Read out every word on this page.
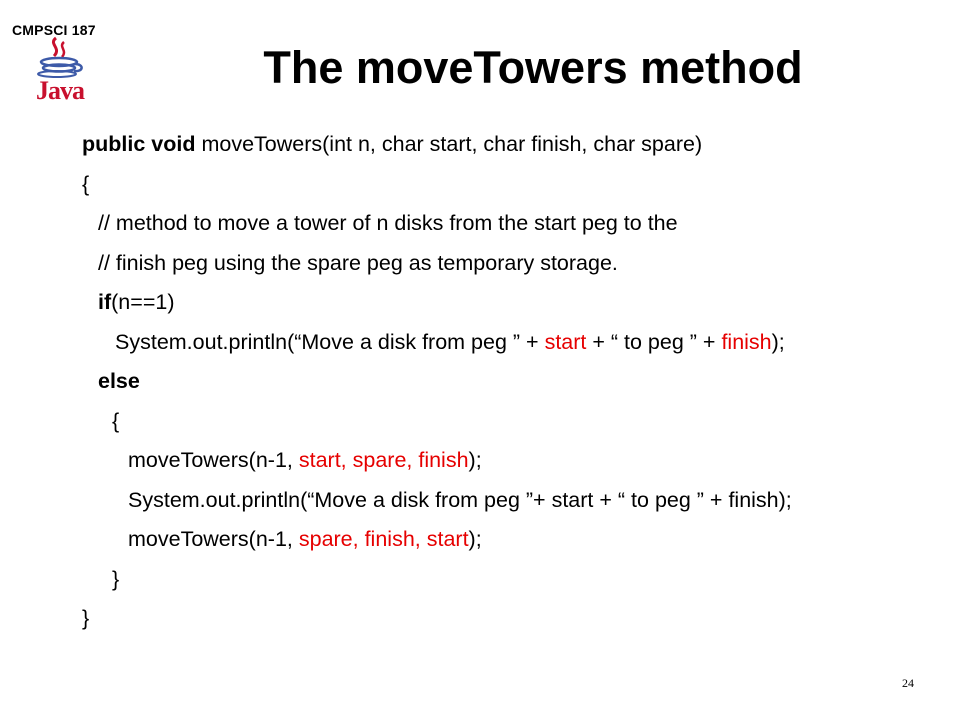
CMPSCI 187
Java	The moveTowers method
public void moveTowers(int n, char start, char finish, char spare)
{
// method to move a tower of n disks from the start peg to the
// finish peg using the spare peg as temporary storage.
if(n==1)
System.out.println(“Move a disk from peg ” + start + “ to peg ” + finish);
else
{
moveTowers(n-1, start, spare, finish);
System.out.println(“Move a disk from peg ”+ start + “ to peg ” + finish);
moveTowers(n-1, spare, finish, start);
}
}
24
